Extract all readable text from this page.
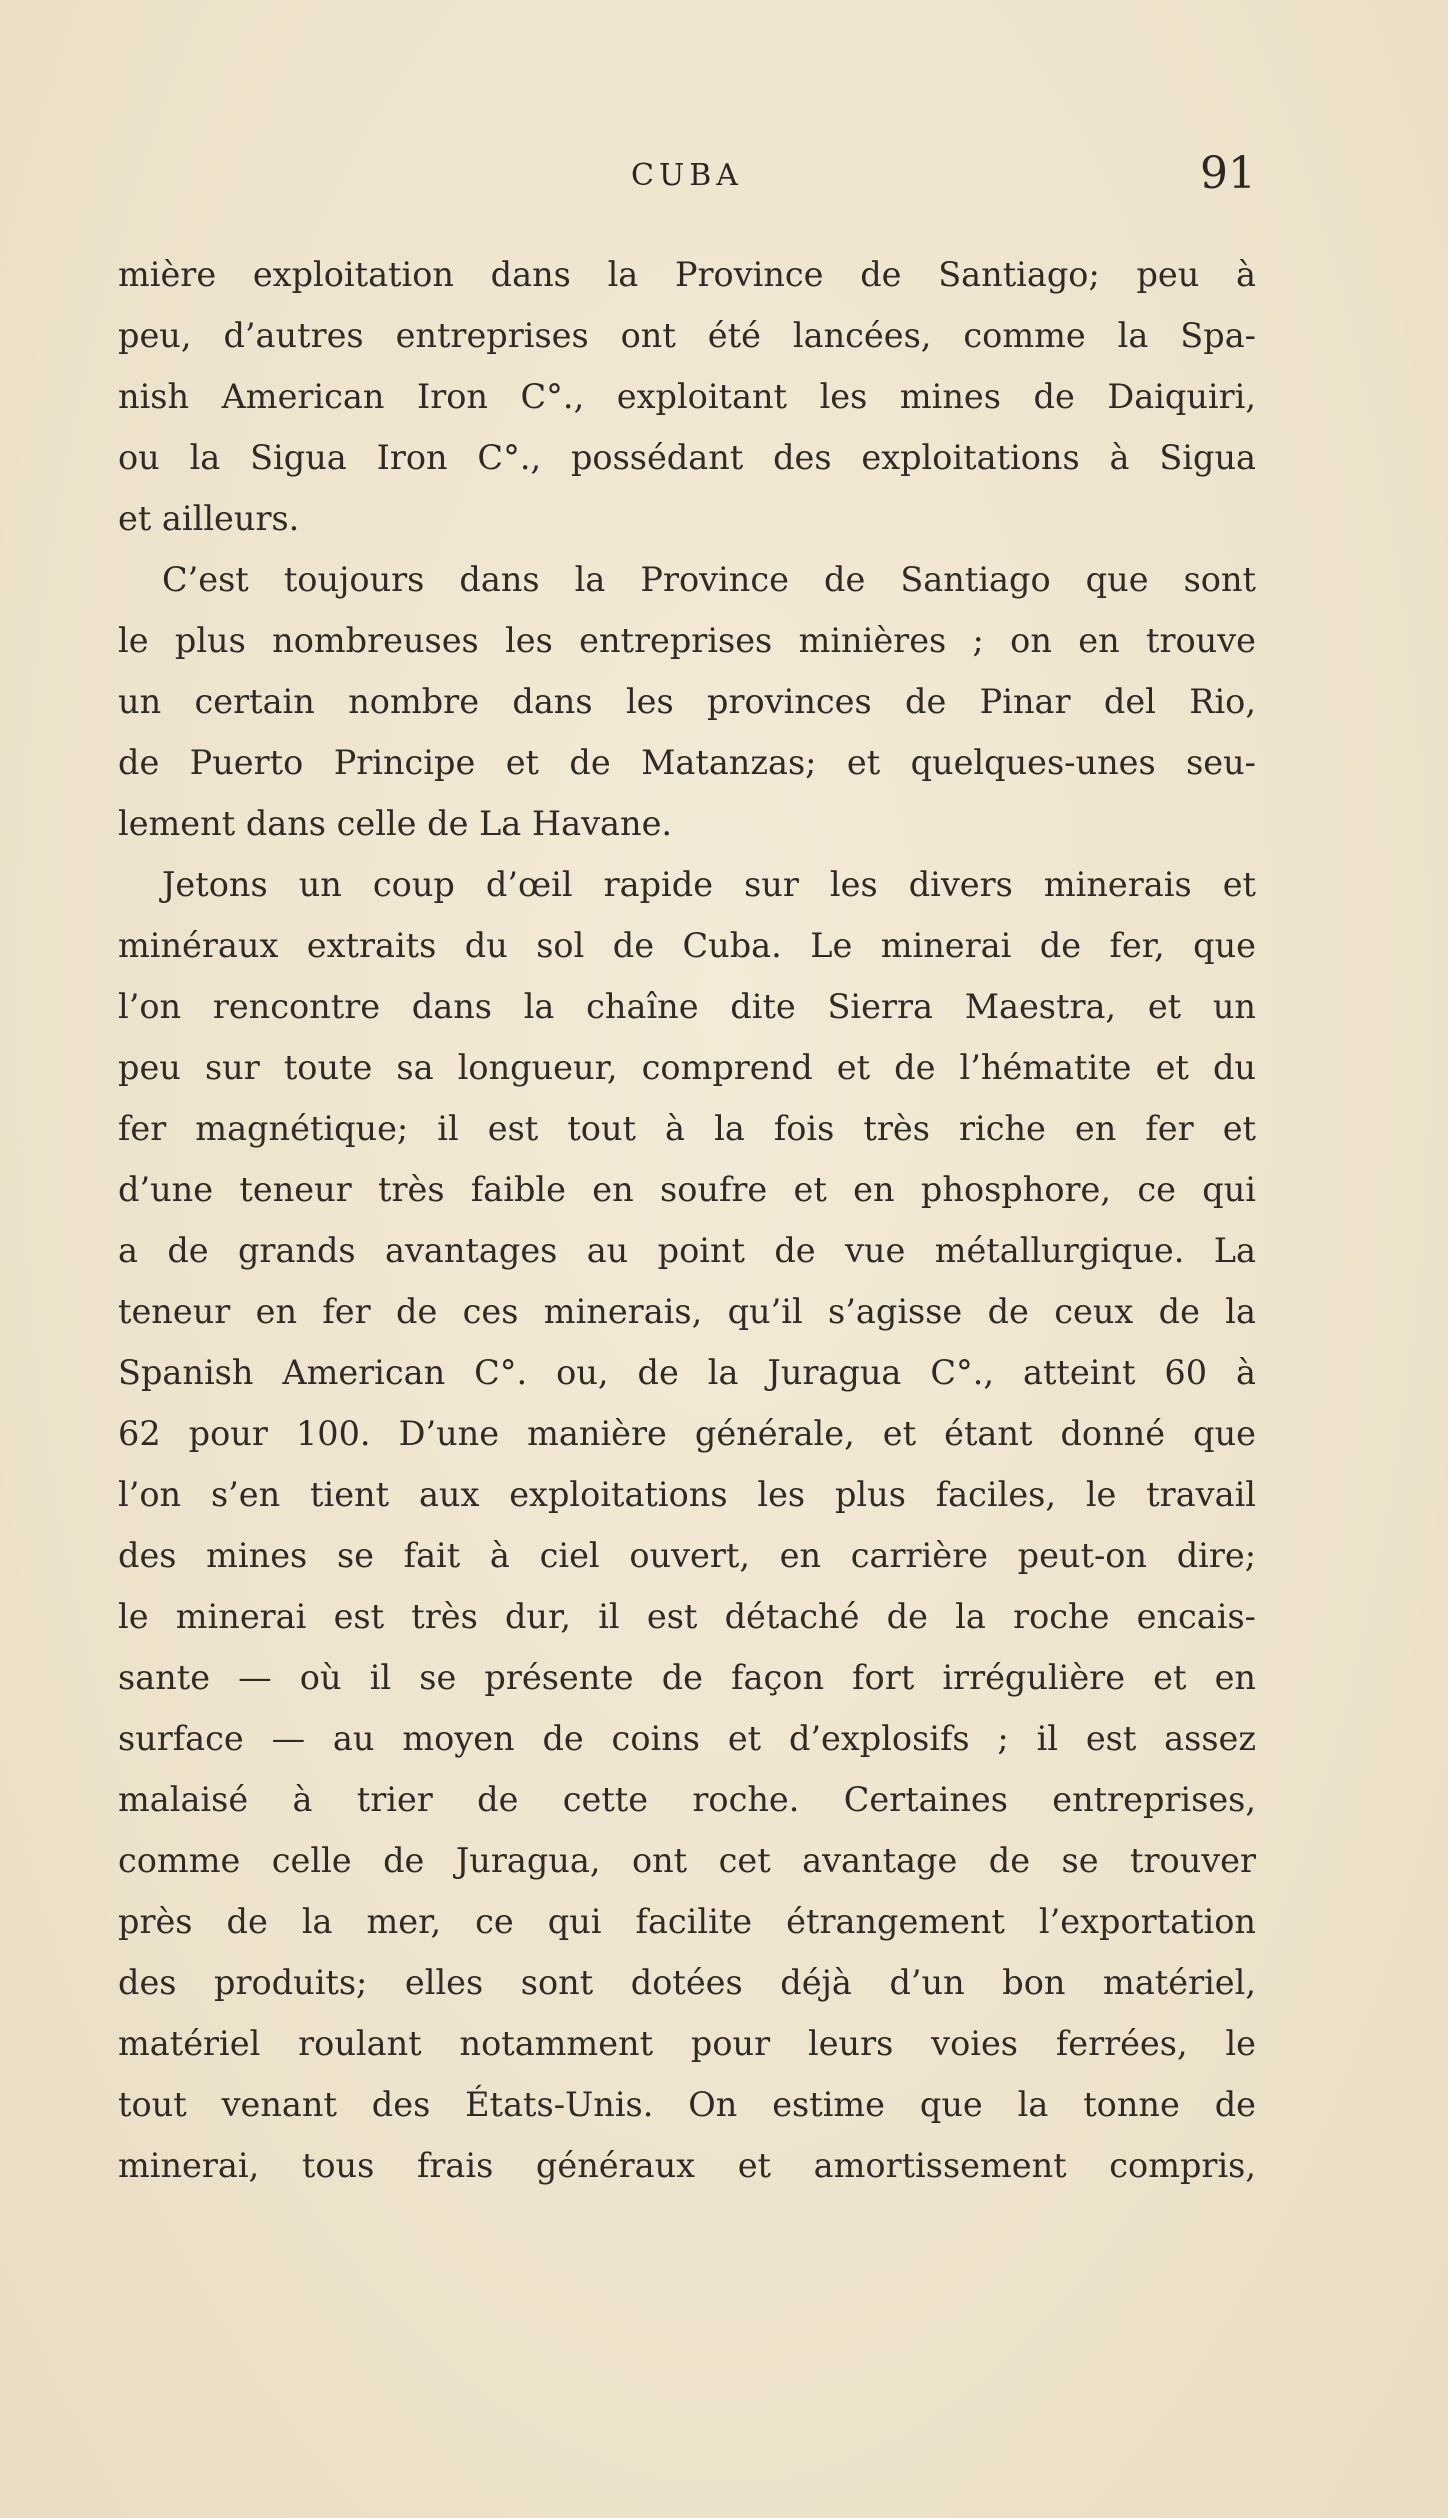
CUBA	91
mière exploitation dans la Province de Santiago; peu à
peu, d’autres entreprises ont été lancées, comme la Spa-
nish American Iron C°., exploitant les mines de Daiquiri,
ou la Sigua Iron C°., possédant des exploitations à Sigua
et ailleurs.
C’est toujours dans la Province de Santiago que sont
le plus nombreuses les entreprises minières ; on en trouve
un certain nombre dans les provinces de Pinar del Rio,
de Puerto Principe et de Matanzas; et quelques-unes seu-
lement dans celle de La Havane.
Jetons un coup d’œil rapide sur les divers minerais et
minéraux extraits du sol de Cuba. Le minerai de fer, que
l’on rencontre dans la chaîne dite Sierra Maestra, et un
peu sur toute sa longueur, comprend et de l’hématite et du
fer magnétique; il est tout à la fois très riche en fer et
d’une teneur très faible en soufre et en phosphore, ce qui
a de grands avantages au point de vue métallurgique. La
teneur en fer de ces minerais, qu’il s’agisse de ceux de la
Spanish American C°. ou, de la Juragua C°., atteint 60 à
62 pour 100. D’une manière générale, et étant donné que
l’on s’en tient aux exploitations les plus faciles, le travail
des mines se fait à ciel ouvert, en carrière peut-on dire;
le minerai est très dur, il est détaché de la roche encais-
sante — où il se présente de façon fort irrégulière et en
surface — au moyen de coins et d’explosifs ; il est assez
malaisé à trier de cette roche. Certaines entreprises,
comme celle de Juragua, ont cet avantage de se trouver
près de la mer, ce qui facilite étrangement l’exportation
des produits; elles sont dotées déjà d’un bon matériel,
matériel roulant notamment pour leurs voies ferrées, le
tout venant des États-Unis. On estime que la tonne de
minerai, tous frais généraux et amortissement compris,
